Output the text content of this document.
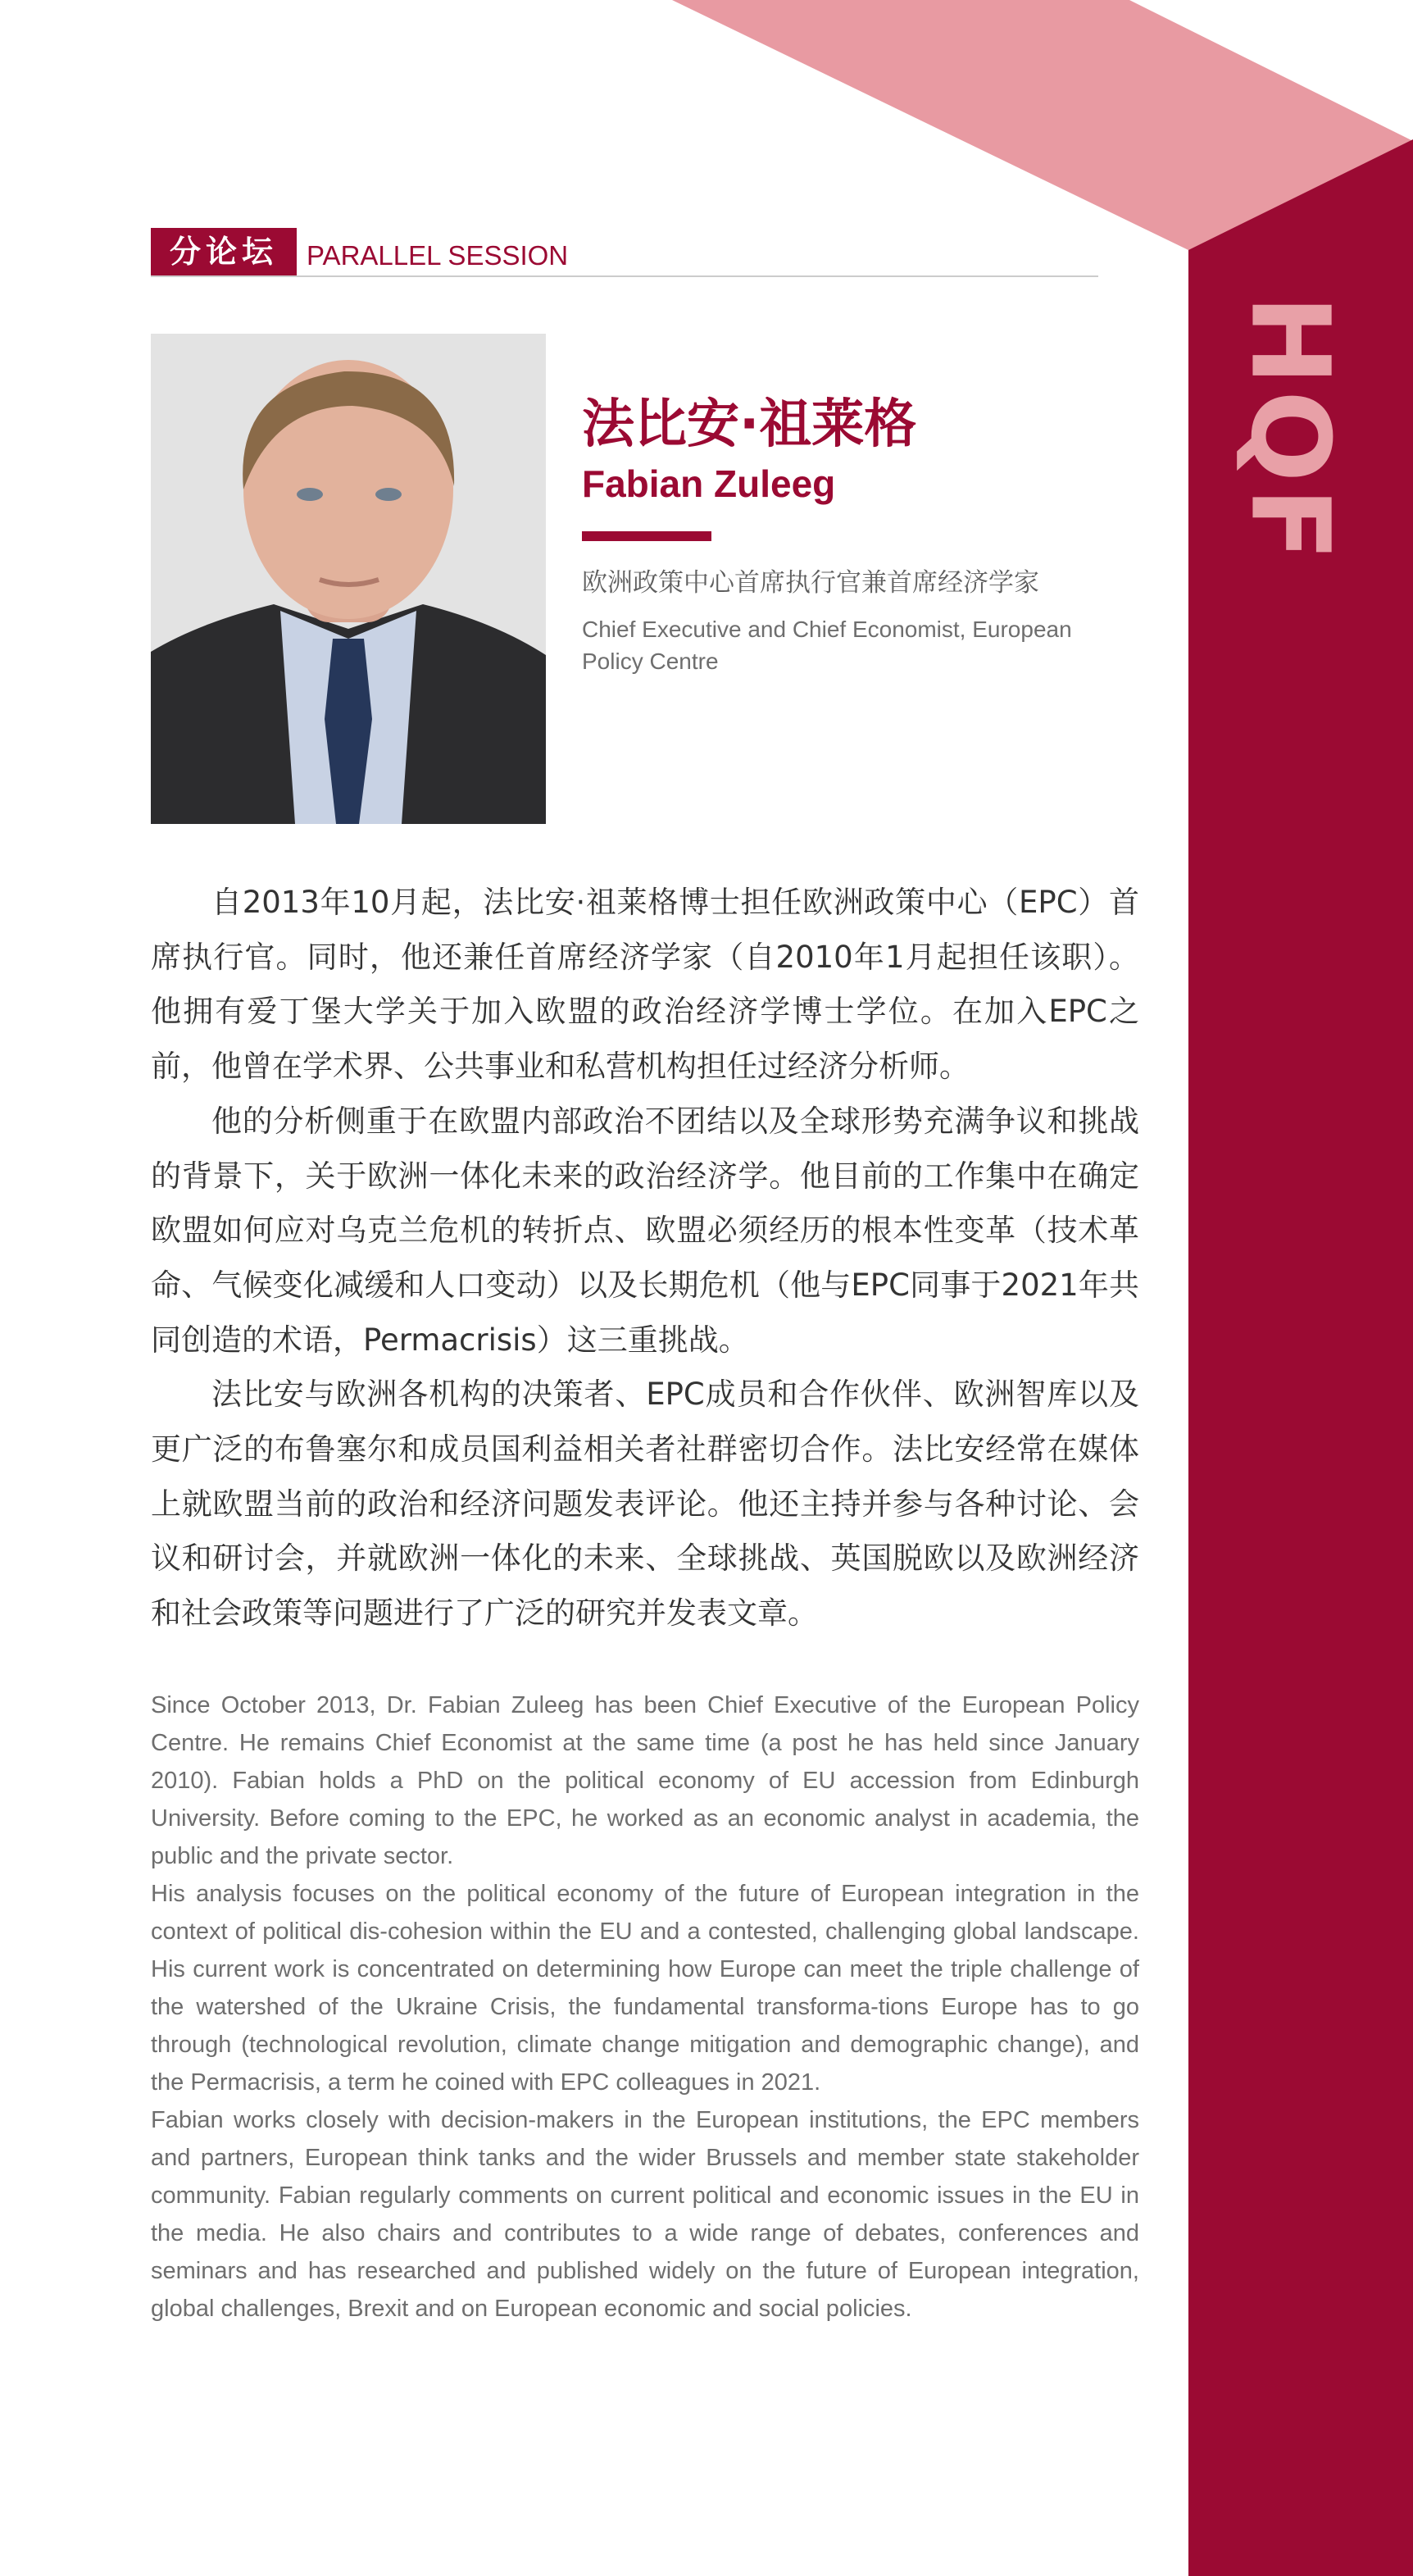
HQF
分论坛	PARALLEL SESSION
法比安·祖莱格
Fabian Zuleeg
欧洲政策中心首席执行官兼首席经济学家
Chief Executive and Chief Economist, European Policy Centre

自2013年10月起，法比安·祖莱格博士担任欧洲政策中心（EPC）首席执行官。同时，他还兼任首席经济学家（自2010年1月起担任该职）。他拥有爱丁堡大学关于加入欧盟的政治经济学博士学位。在加入EPC之前，他曾在学术界、公共事业和私营机构担任过经济分析师。

他的分析侧重于在欧盟内部政治不团结以及全球形势充满争议和挑战的背景下，关于欧洲一体化未来的政治经济学。他目前的工作集中在确定欧盟如何应对乌克兰危机的转折点、欧盟必须经历的根本性变革（技术革命、气候变化减缓和人口变动）以及长期危机（他与EPC同事于2021年共同创造的术语，Permacrisis）这三重挑战。

法比安与欧洲各机构的决策者、EPC成员和合作伙伴、欧洲智库以及更广泛的布鲁塞尔和成员国利益相关者社群密切合作。法比安经常在媒体上就欧盟当前的政治和经济问题发表评论。他还主持并参与各种讨论、会议和研讨会，并就欧洲一体化的未来、全球挑战、英国脱欧以及欧洲经济和社会政策等问题进行了广泛的研究并发表文章。

Since October 2013, Dr. Fabian Zuleeg has been Chief Executive of the European Policy Centre. He remains Chief Economist at the same time (a post he has held since January 2010). Fabian holds a PhD on the political economy of EU accession from Edinburgh University. Before coming to the EPC, he worked as an economic analyst in academia, the public and the private sector.

His analysis focuses on the political economy of the future of European integration in the context of political dis-cohesion within the EU and a contested, challenging global landscape. His current work is concentrated on determining how Europe can meet the triple challenge of the watershed of the Ukraine Crisis, the fundamental transforma-tions Europe has to go through (technological revolution, climate change mitigation and demographic change), and the Permacrisis, a term he coined with EPC colleagues in 2021.

Fabian works closely with decision-makers in the European institutions, the EPC members and partners, European think tanks and the wider Brussels and member state stakeholder community. Fabian regularly comments on current political and economic issues in the EU in the media. He also chairs and contributes to a wide range of debates, conferences and seminars and has researched and published widely on the future of European integration, global challenges, Brexit and on European economic and social policies.
